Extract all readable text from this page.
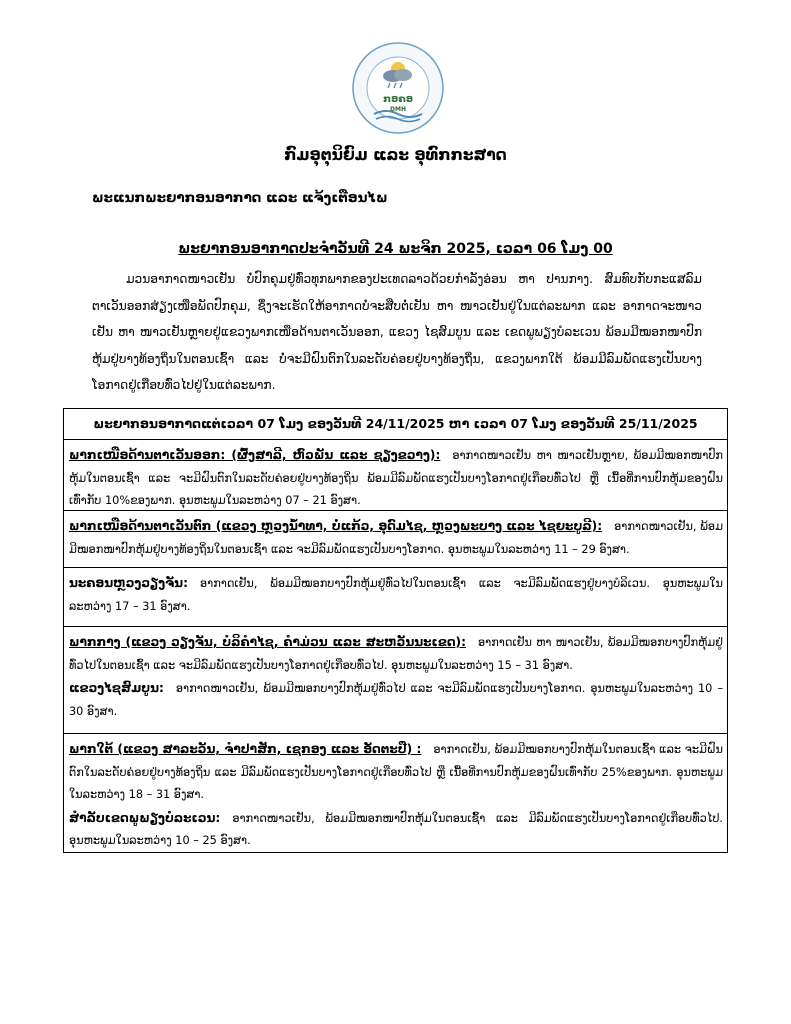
ກອຄອ
DMH
ກົມອຸຕຸນິຍົມ ແລະ ອຸທົກກະສາດ
ພະແນກພະຍາກອນອາກາດ ແລະ ແຈ້ງເຕືອນໄພ
ພະຍາກອນອາກາດປະຈຳວັນທີ 24 ພະຈິກ 2025, ເວລາ 06 ໂມງ 00

ມວນອາກາດໜາວເຢັນ ບໍ່ປົກຄຸມຢູ່ທົ່ວທຸກພາກຂອງປະເທດລາວດ້ວຍກຳລັງອ່ອນ ຫາ ປານກາງ. ສົມທົບກັບກະແສລົມຕາເວັນອອກສ່ຽງເໜືອພັດປົກຄຸມ, ຊຶ່ງຈະເຮັດໃຫ້ອາກາດບໍ່ຈະສືບຕໍ່ເຢັນ ຫາ ໜາວເຢັນຢູ່ໃນແຕ່ລະພາກ ແລະ ອາກາດຈະໜາວເຢັນ ຫາ ໜາວເຢັນຫຼາຍຢູ່ແຂວງພາກເໜືອດ້ານຕາເວັນອອກ, ແຂວງ ໄຊສົມບູນ ແລະ ເຂດພູພຽງບໍລະເວນ ພ້ອມມີໝອກໜາປົກຫຸ້ມຢູ່ບາງທ້ອງຖິ່ນໃນຕອນເຊົ້າ ແລະ ບໍ່ຈະມີຝົນຕົກໃນລະດັບຄ່ອຍຢູ່ບາງທ້ອງຖິ່ນ, ແຂວງພາກໃຕ້ ພ້ອມມີລົມພັດແຮງເປັນບາງໂອກາດຢູ່ເກືອບທົ່ວໄປຢູ່ໃນແຕ່ລະພາກ.

ພະຍາກອນອາກາດແຕ່ເວລາ 07 ໂມງ ຂອງວັນທີ 24/11/2025 ຫາ ເວລາ 07 ໂມງ ຂອງວັນທີ 25/11/2025

ພາກເໜືອດ້ານຕາເວັນອອກ: (ຜົ້ງສາລີ, ຫົວພັນ ແລະ ຊຽງຂວາງ): ອາກາດໜາວເຢັນ ຫາ ໜາວເຢັນຫຼາຍ, ພ້ອມມີໝອກໜາປົກຫຸ້ມໃນຕອນເຊົ້າ ແລະ ຈະມີຝົນຕົກໃນລະດັບຄ່ອຍຢູ່ບາງທ້ອງຖິ່ນ ພ້ອມມີລົມພັດແຮງເປັນບາງໂອກາດຢູ່ເກືອບທົ່ວໄປ ຫຼື ເນື້ອທີ່ການປົກຫຸ້ມຂອງຝົນເທົ່າກັບ 10%ຂອງພາກ. ອຸນຫະພູມໃນລະຫວ່າງ 07 – 21 ອົງສາ.

ພາກເໜືອດ້ານຕາເວັນຕົກ (ແຂວງ ຫຼວງນ້ຳທາ, ບໍ່ແກ້ວ, ອຸດົມໄຊ, ຫຼວງພະບາງ ແລະ ໄຊຍະບູລີ): ອາກາດໜາວເຢັນ, ພ້ອມມີໝອກໜາປົກຫຸ້ມຢູ່ບາງທ້ອງຖິ່ນໃນຕອນເຊົ້າ ແລະ ຈະມີລົມພັດແຮງເປັນບາງໂອກາດ. ອຸນຫະພູມໃນລະຫວ່າງ 11 – 29 ອົງສາ.

ນະຄອນຫຼວງວຽງຈັນ: ອາກາດເຢັນ, ພ້ອມມີໝອກບາງປົກຫຸ້ມຢູ່ທົ່ວໄປໃນຕອນເຊົ້າ ແລະ ຈະມີລົມພັດແຮງຢູ່ບາງບໍລິເວນ. ອຸນຫະພູມໃນລະຫວ່າງ 17 – 31 ອົງສາ.

ພາກກາງ (ແຂວງ ວຽງຈັນ, ບໍລິຄຳໄຊ, ຄຳມ່ວນ ແລະ ສະຫວັນນະເຂດ): ອາກາດເຢັນ ຫາ ໜາວເຢັນ, ພ້ອມມີໝອກບາງປົກຫຸ້ມຢູ່ທົ່ວໄປໃນຕອນເຊົ້າ ແລະ ຈະມີລົມພັດແຮງເປັນບາງໂອກາດຢູ່ເກືອບທົ່ວໄປ. ອຸນຫະພູມໃນລະຫວ່າງ 15 – 31 ອົງສາ.

ແຂວງໄຊສົມບູນ: ອາກາດໜາວເຢັນ, ພ້ອມມີໝອກບາງປົກຫຸ້ມຢູ່ທົ່ວໄປ ແລະ ຈະມີລົມພັດແຮງເປັນບາງໂອກາດ. ອຸນຫະພູມໃນລະຫວ່າງ 10 – 30 ອົງສາ.

ພາກໃຕ້ (ແຂວງ ສາລະວັນ, ຈຳປາສັກ, ເຊກອງ ແລະ ອັດຕະປື) : ອາກາດເຢັນ, ພ້ອມມີໝອກບາງປົກຫຸ້ມໃນຕອນເຊົ້າ ແລະ ຈະມີຝົນຕົກໃນລະດັບຄ່ອຍຢູ່ບາງທ້ອງຖິ່ນ ແລະ ມີລົມພັດແຮງເປັນບາງໂອກາດຢູ່ເກືອບທົ່ວໄປ ຫຼື ເນື້ອທີ່ການປົກຫຸ້ມຂອງຝົນເທົ່າກັບ 25%ຂອງພາກ. ອຸນຫະພູມໃນລະຫວ່າງ 18 – 31 ອົງສາ.

ສຳລັບເຂດພູພຽງບໍລະເວນ: ອາກາດໜາວເຢັນ, ພ້ອມມີໝອກໜາປົກຫຸ້ມໃນຕອນເຊົ້າ ແລະ ມີລົມພັດແຮງເປັນບາງໂອກາດຢູ່ເກືອບທົ່ວໄປ. ອຸນຫະພູມໃນລະຫວ່າງ 10 – 25 ອົງສາ.
